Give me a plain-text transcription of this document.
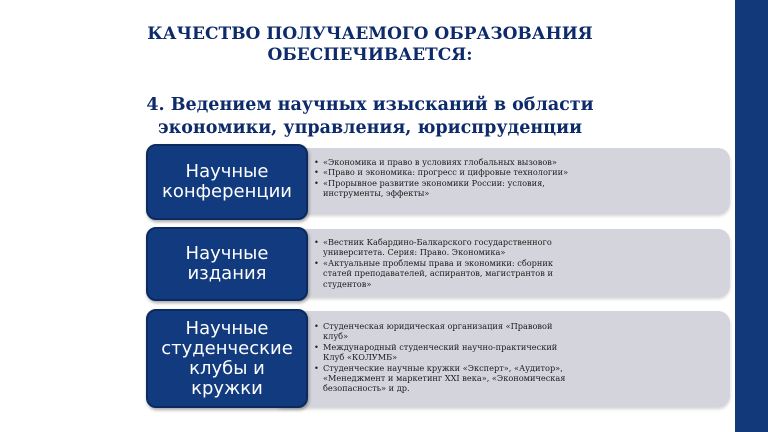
КАЧЕСТВО ПОЛУЧАЕМОГО ОБРАЗОВАНИЯ
ОБЕСПЕЧИВАЕТСЯ:
4. Ведением научных изысканий в области
экономики, управления, юриспруденции
Научные
конференции
• «Экономика и право в условиях глобальных вызовов»
• «Право и экономика: прогресс и цифровые технологии»
• «Прорывное развитие экономики России: условия, инструменты, эффекты»
Научные
издания
• «Вестник Кабардино-Балкарского государственного университета. Серия: Право. Экономика»
• «Актуальные проблемы права и экономики: сборник статей преподавателей, аспирантов, магистрантов и студентов»
Научные
студенческие
клубы и
кружки
• Студенческая юридическая организация «Правовой клуб»
• Международный студенческий научно-практический Клуб «КОЛУМБ»
• Студенческие научные кружки «Эксперт», «Аудитор», «Менеджмент и маркетинг XXI века», «Экономическая безопасность» и др.
